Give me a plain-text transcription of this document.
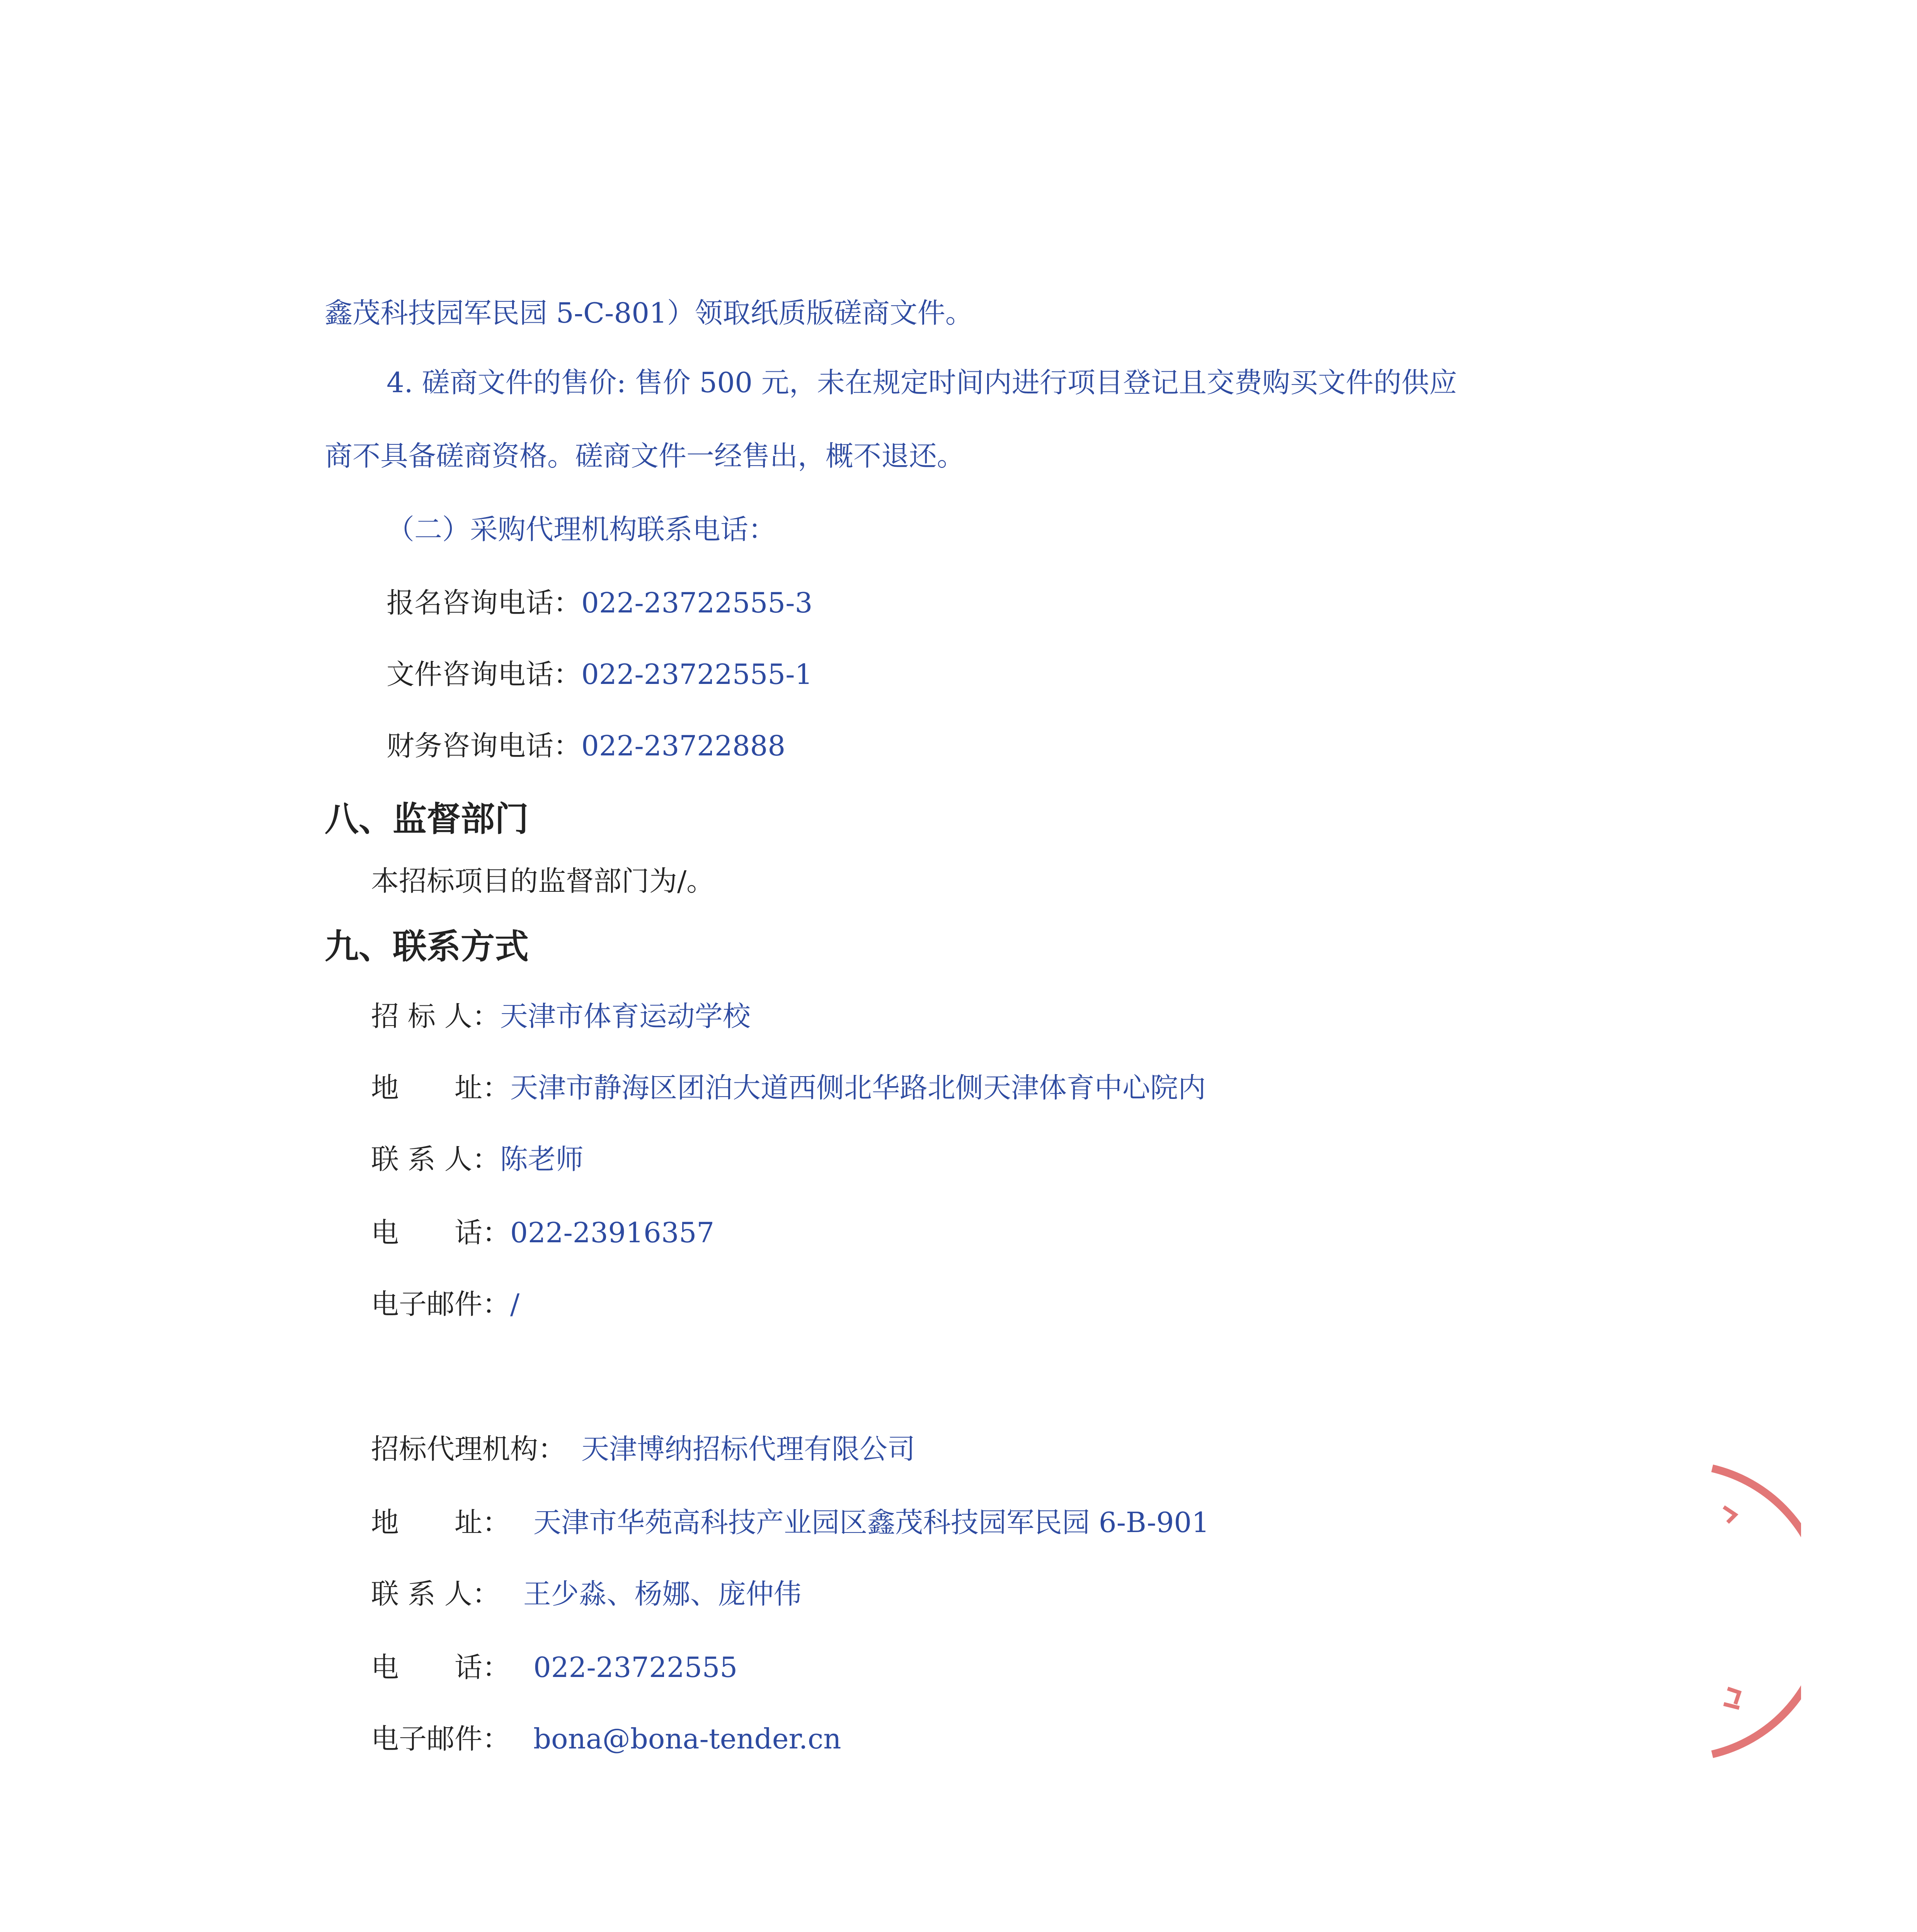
鑫茂科技园军民园 5-C-801）领取纸质版磋商文件。
4. 磋商文件的售价: 售价 500 元，未在规定时间内进行项目登记且交费购买文件的供应
商不具备磋商资格。磋商文件一经售出，概不退还。
（二）采购代理机构联系电话：
报名咨询电话：022-23722555-3
文件咨询电话：022-23722555-1
财务咨询电话：022-23722888
八、监督部门
本招标项目的监督部门为/。
九、联系方式
招 标 人：天津市体育运动学校
地　　址：天津市静海区团泊大道西侧北华路北侧天津体育中心院内
联 系 人：陈老师
电　　话：022-23916357
电子邮件：/
招标代理机构： 天津博纳招标代理有限公司
地　　址： 天津市华苑高科技产业园区鑫茂科技园军民园 6-B-901
联 系 人： 王少淼、杨娜、庞仲伟
电　　话： 022-23722555
电子邮件： bona@bona-tender.cn
